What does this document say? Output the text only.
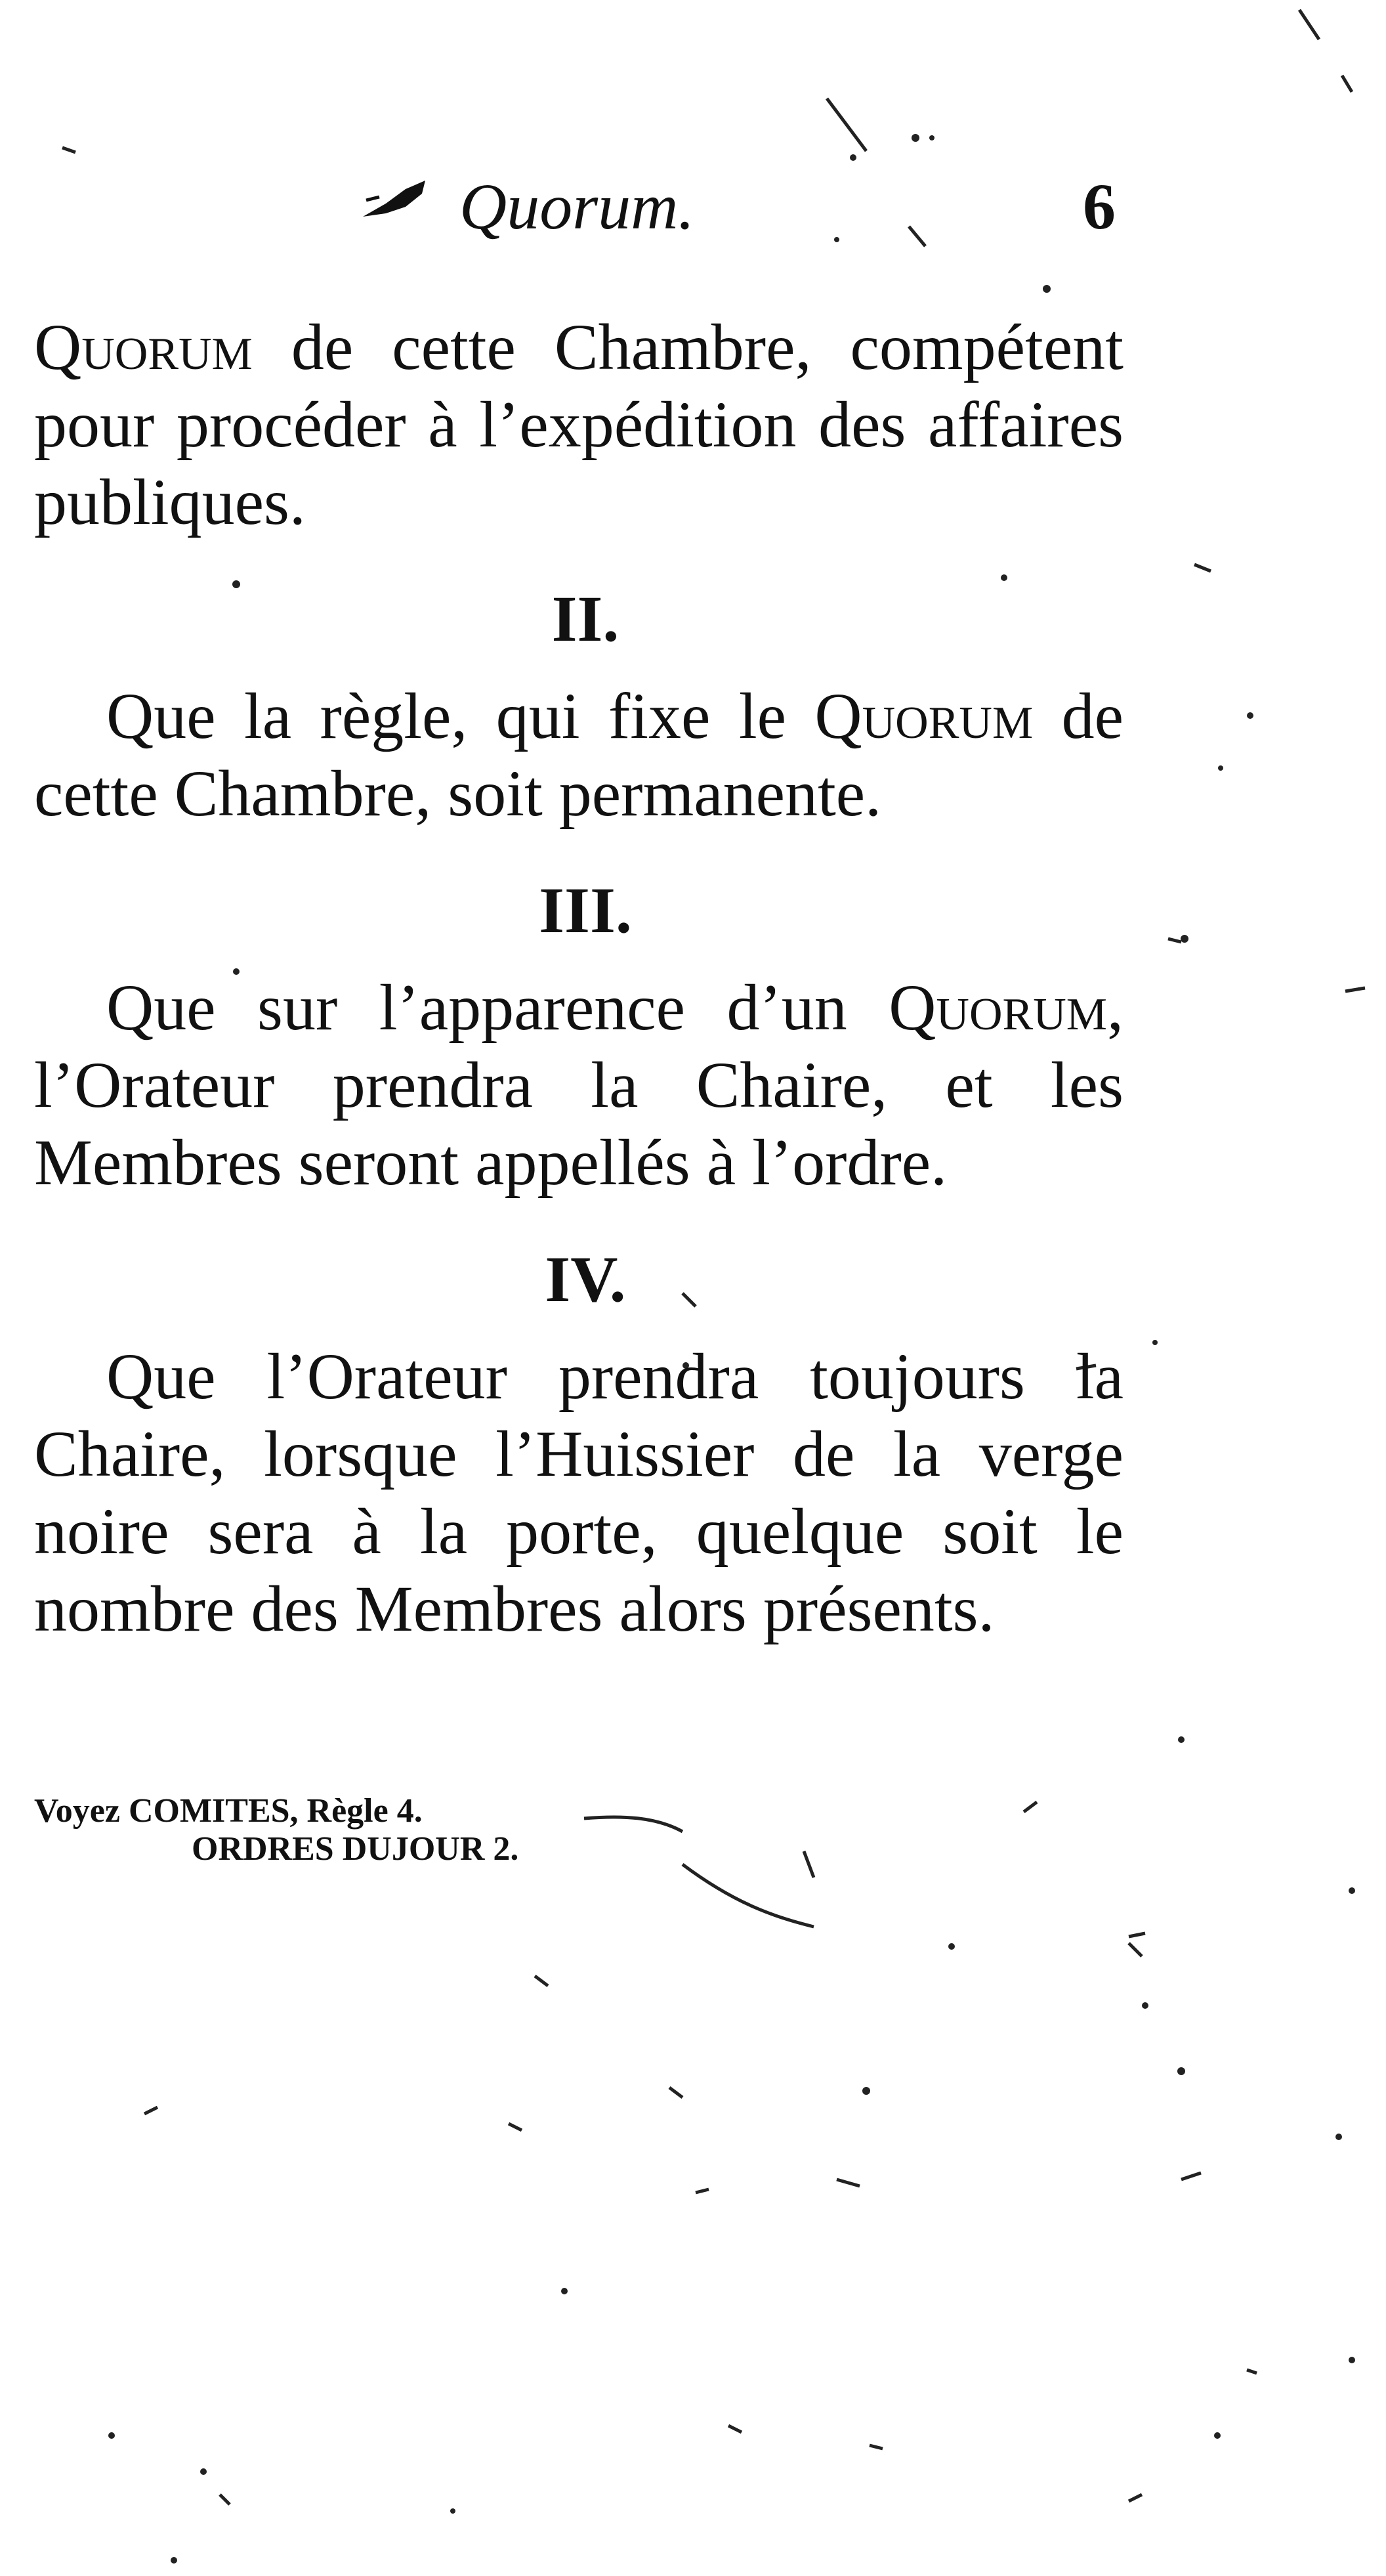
Quorum.	6

Quorum de cette Chambre, compétent pour procéder à l’expédition des affaires publiques.

II.

Que la règle, qui fixe le Quorum de cette Chambre, soit permanente.

III.

Que sur l’apparence d’un Quorum, l’Orateur prendra la Chaire, et les Membres seront appellés à l’ordre.

IV.

Que l’Orateur prendra toujours la Chaire, lorsque l’Huissier de la verge noire sera à la porte, quelque soit le nombre des Membres alors présents.

Voyez COMITES, Règle 4.
ORDRES DUJOUR 2.
